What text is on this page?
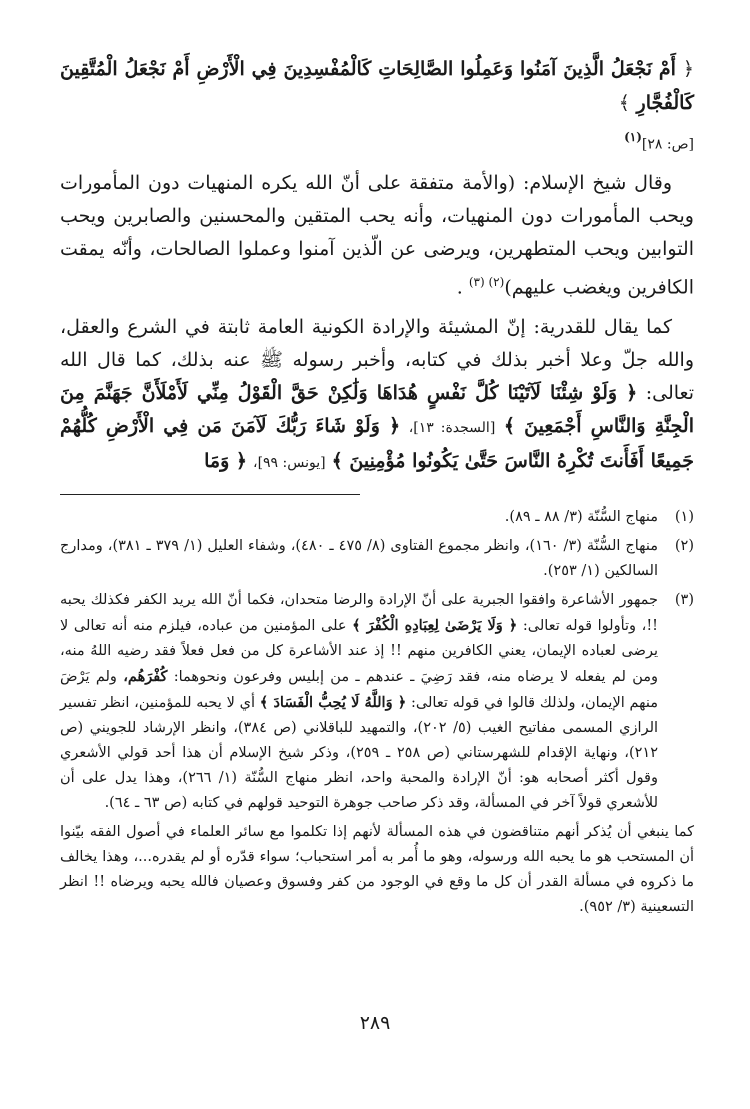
﴿ أَمْ نَجْعَلُ الَّذِينَ آمَنُوا وَعَمِلُوا الصَّالِحَاتِ كَالْمُفْسِدِينَ فِي الْأَرْضِ أَمْ نَجْعَلُ الْمُتَّقِينَ كَالْفُجَّارِ ﴾
[ص: ٢٨]$^{(١)}$

وقال شيخ الإسلام: (والأمة متفقة على أنّ الله يكره المنهيات دون المأمورات ويحب المأمورات دون المنهيات، وأنه يحب المتقين والمحسنين والصابرين ويحب التوابين ويحب المتطهرين، ويرضى عن الّذين آمنوا وعملوا الصالحات، وأنّه يمقت الكافرين ويغضب عليهم)$^{(٢) (٣)}$ .

كما يقال للقدرية: إنّ المشيئة والإرادة الكونية العامة ثابتة في الشرع والعقل، والله جلّ وعلا أخبر بذلك في كتابه، وأخبر رسوله ﷺ عنه بذلك، كما قال الله تعالى: ﴿ وَلَوْ شِئْنَا لَآتَيْنَا كُلَّ نَفْسٍ هُدَاهَا وَلَٰكِنْ حَقَّ الْقَوْلُ مِنِّي لَأَمْلَأَنَّ جَهَنَّمَ مِنَ الْجِنَّةِ وَالنَّاسِ أَجْمَعِينَ ﴾ [السجدة: ١٣]، ﴿ وَلَوْ شَاءَ رَبُّكَ لَآمَنَ مَن فِي الْأَرْضِ كُلُّهُمْ جَمِيعًا أَفَأَنتَ تُكْرِهُ النَّاسَ حَتَّىٰ يَكُونُوا مُؤْمِنِينَ ﴾ [يونس: ٩٩]، ﴿ وَمَا

(١)
منهاج السُّنّة (٣/ ٨٨ ـ ٨٩).
(٢)
منهاج السُّنّة (٣/ ١٦٠)، وانظر مجموع الفتاوى (٨/ ٤٧٥ ـ ٤٨٠)، وشفاء العليل (١/ ٣٧٩ ـ ٣٨١)، ومدارج السالكين (١/ ٢٥٣).
(٣)
جمهور الأشاعرة وافقوا الجبرية على أنّ الإرادة والرضا متحدان، فكما أنّ الله يريد الكفر فكذلك يحبه !!، وتأولوا قوله تعالى: ﴿ وَلَا يَرْضَىٰ لِعِبَادِهِ الْكُفْرَ ﴾ على المؤمنين من عباده، فيلزم منه أنه تعالى لا يرضى لعباده الإيمان، يعني الكافرين منهم !! إذ عند الأشاعرة كل من فعل فعلاً فقد رضيه اللهُ منه، ومن لم يفعله لا يرضاه منه، فقد رَضِيَ ـ عندهم ـ من إبليس وفرعون ونحوهما: كُفْرَهُم، ولم يَرْضَ منهم الإيمان، ولذلك قالوا في قوله تعالى: ﴿ وَاللَّهُ لَا يُحِبُّ الْفَسَادَ ﴾ أي لا يحبه للمؤمنين، انظر تفسير الرازي المسمى مفاتيح الغيب (٥/ ٢٠٢)، والتمهيد للباقلاني (ص ٣٨٤)، وانظر الإرشاد للجويني (ص ٢١٢)، ونهاية الإقدام للشهرستاني (ص ٢٥٨ ـ ٢٥٩)، وذكر شيخ الإسلام أن هذا أحد قولي الأشعري وقول أكثر أصحابه هو: أنّ الإرادة والمحبة واحد، انظر منهاج السُّنّة (١/ ٢٦٦)، وهذا يدل على أن للأشعري قولاً آخر في المسألة، وقد ذكر صاحب جوهرة التوحيد قولهم في كتابه (ص ٦٣ ـ ٦٤).
كما ينبغي أن يُذكر أنهم متناقضون في هذه المسألة لأنهم إذا تكلموا مع سائر العلماء في أصول الفقه بيّنوا أن المستحب هو ما يحبه الله ورسوله، وهو ما أُمر به أمر استحباب؛ سواء قدّره أو لم يقدره...، وهذا يخالف ما ذكروه في مسألة القدر أن كل ما وقع في الوجود من كفر وفسوق وعصيان فالله يحبه ويرضاه !! انظر التسعينية (٣/ ٩٥٢).
٢٨٩
